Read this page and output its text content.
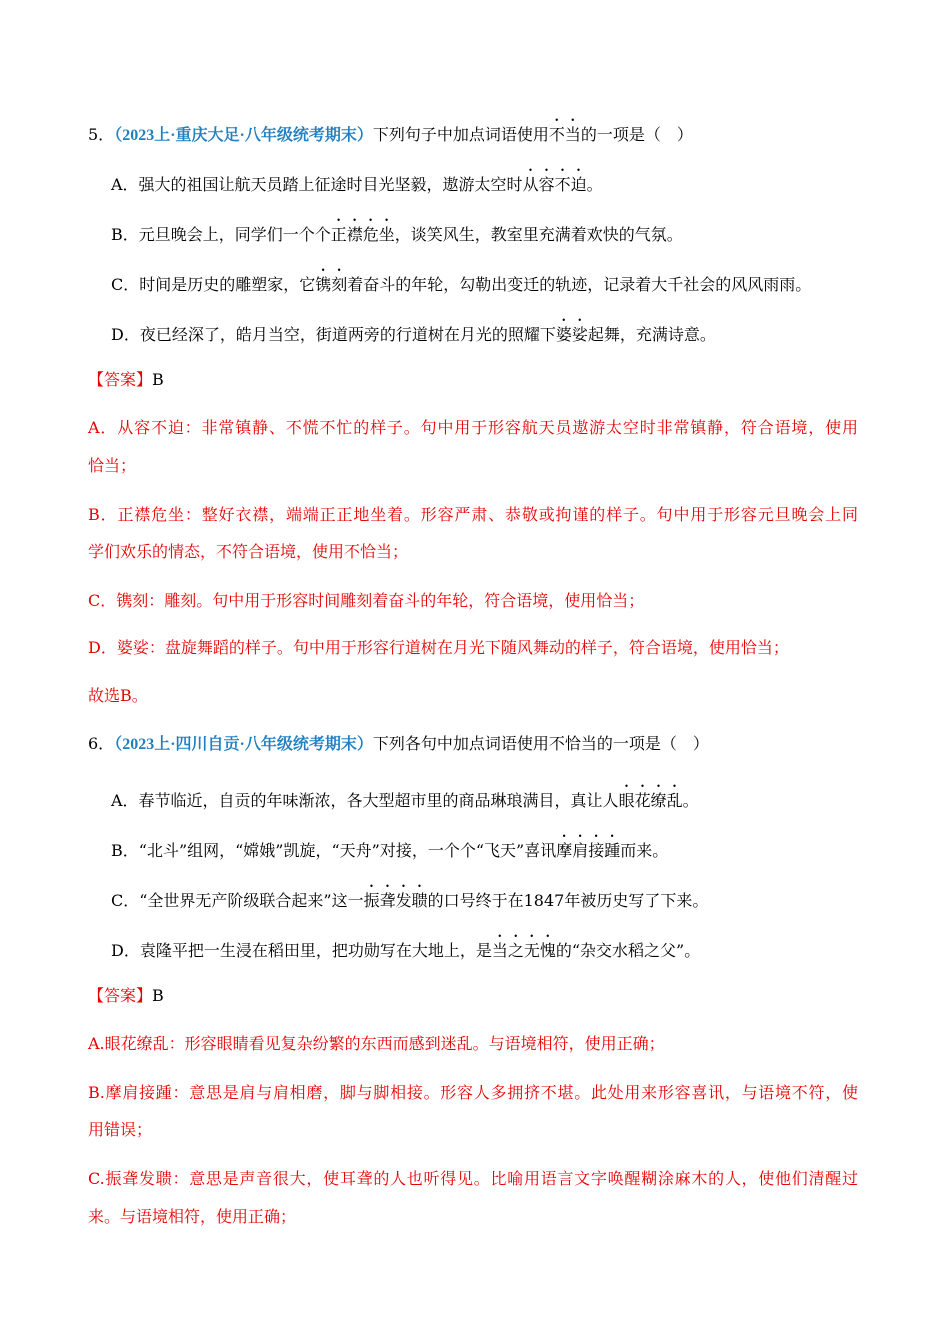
5．（2023上·重庆大足·八年级统考期末）下列句子中加点词语使用不当的一项是（　）
A．强大的祖国让航天员踏上征途时目光坚毅，遨游太空时从容不迫。
B．元旦晚会上，同学们一个个正襟危坐，谈笑风生，教室里充满着欢快的气氛。
C．时间是历史的雕塑家，它镌刻着奋斗的年轮，勾勒出变迁的轨迹，记录着大千社会的风风雨雨。
D．夜已经深了，皓月当空，街道两旁的行道树在月光的照耀下婆娑起舞，充满诗意。
【答案】B
A．从容不迫：非常镇静、不慌不忙的样子。句中用于形容航天员遨游太空时非常镇静，符合语境，使用
恰当；
B．正襟危坐：整好衣襟，端端正正地坐着。形容严肃、恭敬或拘谨的样子。句中用于形容元旦晚会上同
学们欢乐的情态，不符合语境，使用不恰当；
C．镌刻：雕刻。句中用于形容时间雕刻着奋斗的年轮，符合语境，使用恰当；
D．婆娑：盘旋舞蹈的样子。句中用于形容行道树在月光下随风舞动的样子，符合语境，使用恰当；
故选B。
6．（2023上·四川自贡·八年级统考期末）下列各句中加点词语使用不恰当的一项是（　）
A．春节临近，自贡的年味渐浓，各大型超市里的商品琳琅满目，真让人眼花缭乱。
B．“北斗”组网，“嫦娥”凯旋，“天舟”对接，一个个“飞天”喜讯摩肩接踵而来。
C．“全世界无产阶级联合起来”这一振聋发聩的口号终于在1847年被历史写了下来。
D．袁隆平把一生浸在稻田里，把功勋写在大地上，是当之无愧的“杂交水稻之父”。
【答案】B
A.眼花缭乱：形容眼睛看见复杂纷繁的东西而感到迷乱。与语境相符，使用正确；
B.摩肩接踵：意思是肩与肩相磨，脚与脚相接。形容人多拥挤不堪。此处用来形容喜讯，与语境不符，使
用错误；
C.振聋发聩：意思是声音很大，使耳聋的人也听得见。比喻用语言文字唤醒糊涂麻木的人，使他们清醒过
来。与语境相符，使用正确；
